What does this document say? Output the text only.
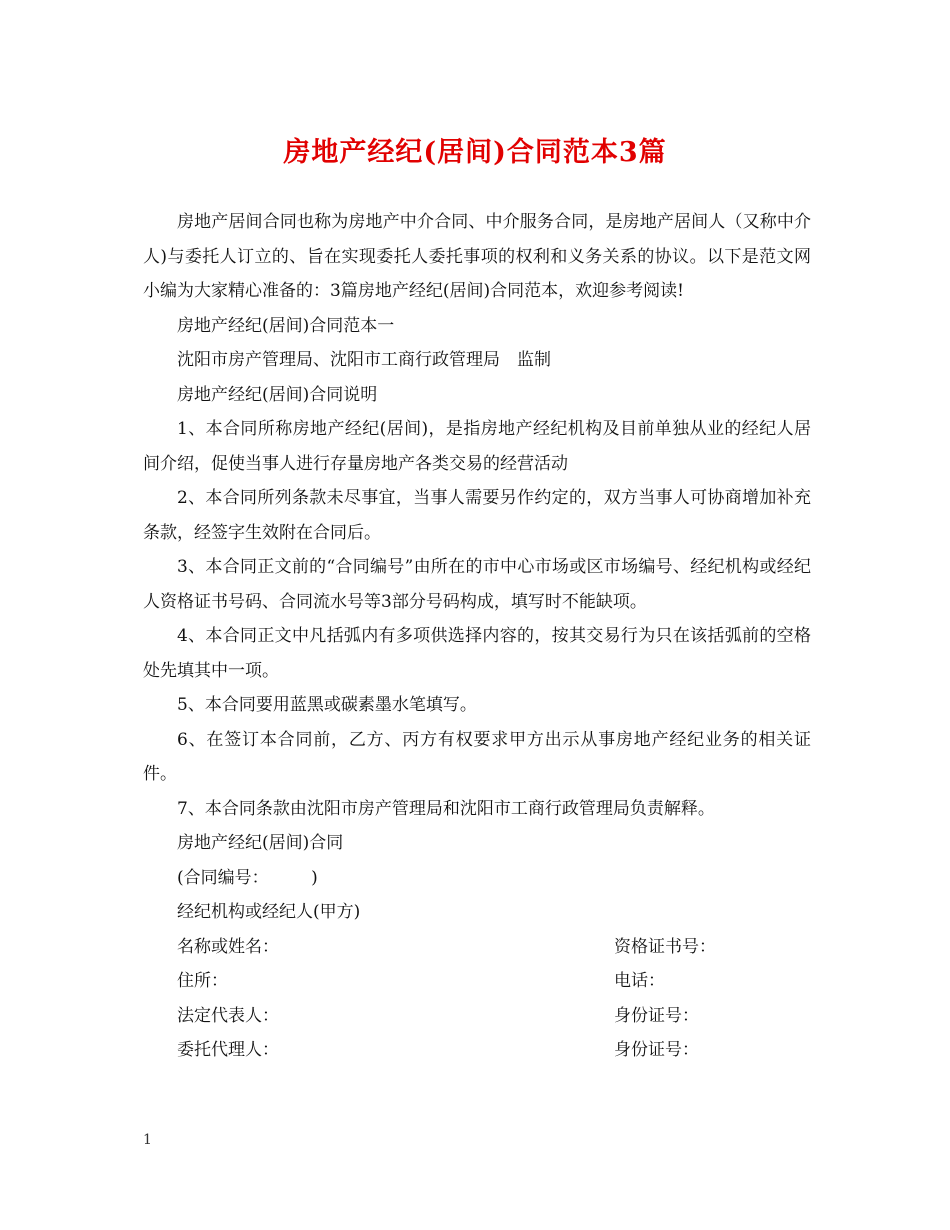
房地产经纪(居间)合同范本3篇

房地产居间合同也称为房地产中介合同、中介服务合同，是房地产居间人（又称中介人)与委托人订立的、旨在实现委托人委托事项的权利和义务关系的协议。以下是范文网小编为大家精心准备的：3篇房地产经纪(居间)合同范本，欢迎参考阅读!

房地产经纪(居间)合同范本一

沈阳市房产管理局、沈阳市工商行政管理局　监制

房地产经纪(居间)合同说明

1、本合同所称房地产经纪(居间)，是指房地产经纪机构及目前单独从业的经纪人居间介绍，促使当事人进行存量房地产各类交易的经营活动

2、本合同所列条款未尽事宜，当事人需要另作约定的，双方当事人可协商增加补充条款，经签字生效附在合同后。

3、本合同正文前的“合同编号”由所在的市中心市场或区市场编号、经纪机构或经纪人资格证书号码、合同流水号等3部分号码构成，填写时不能缺项。

4、本合同正文中凡括弧内有多项供选择内容的，按其交易行为只在该括弧前的空格处先填其中一项。

5、本合同要用蓝黑或碳素墨水笔填写。

6、在签订本合同前，乙方、丙方有权要求甲方出示从事房地产经纪业务的相关证件。

7、本合同条款由沈阳市房产管理局和沈阳市工商行政管理局负责解释。

房地产经纪(居间)合同

(合同编号：　　　)

经纪机构或经纪人(甲方)

名称或姓名：	资格证书号：
住所：	电话：
法定代表人：	身份证号：
委托代理人：	身份证号：
1
